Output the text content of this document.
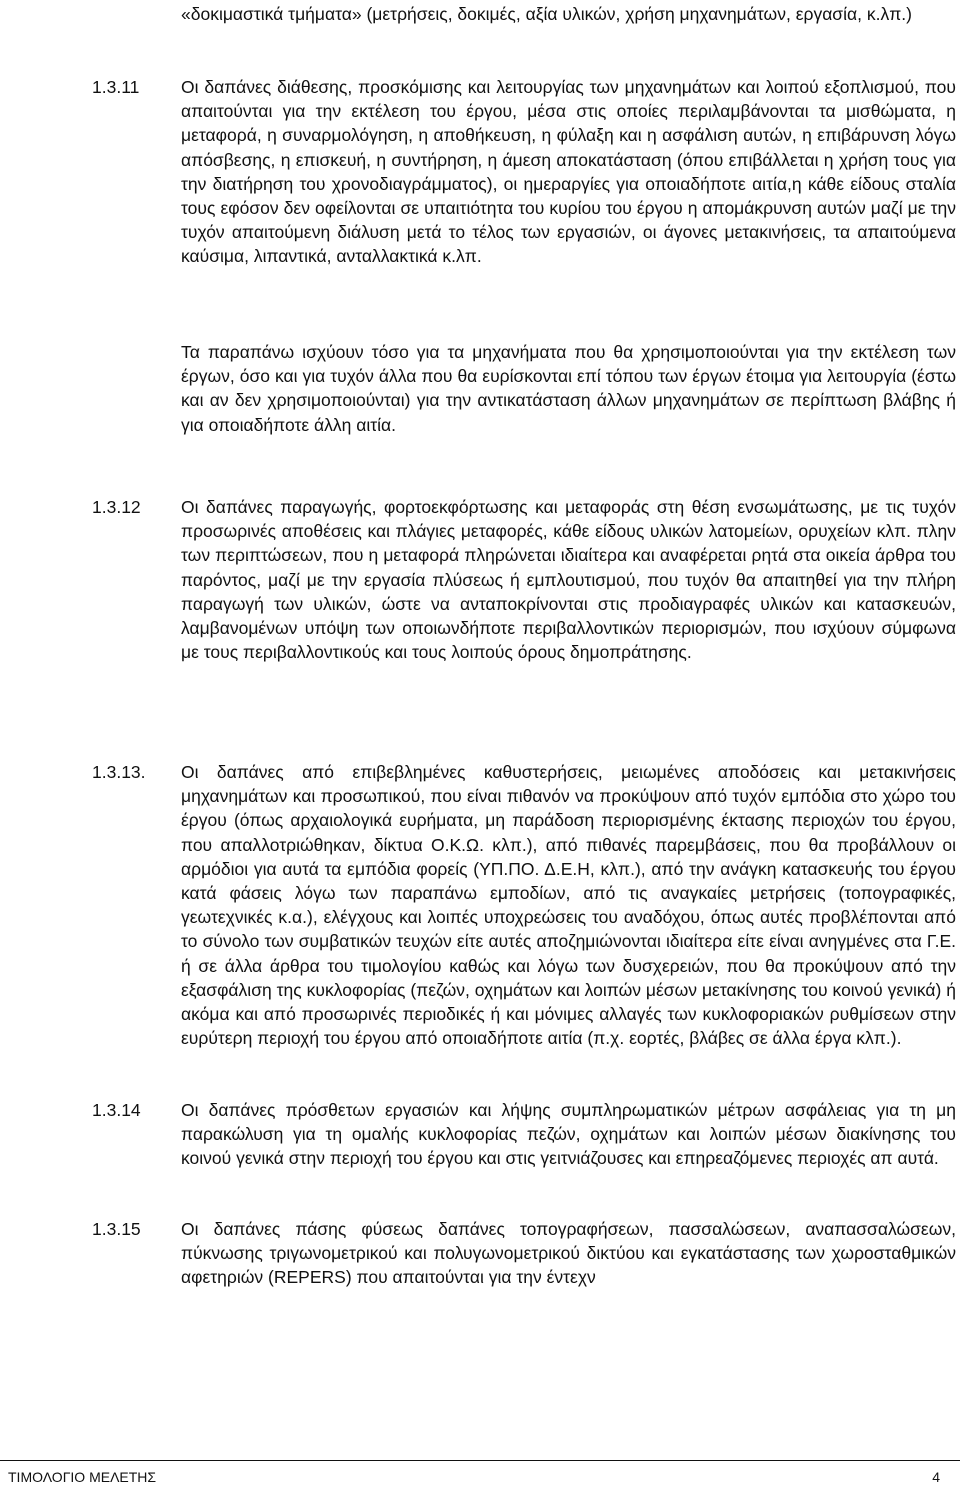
«δοκιμαστικά τμήματα» (μετρήσεις, δοκιμές, αξία υλικών, χρήση μηχανημάτων, εργασία, κ.λπ.)

1.3.11 Οι δαπάνες διάθεσης, προσκόμισης και λειτουργίας των μηχανημάτων και λοιπού εξοπλισμού, που απαιτούνται για την εκτέλεση του έργου, μέσα στις οποίες περιλαμβάνονται τα μισθώματα, η μεταφορά, η συναρμολόγηση, η αποθήκευση, η φύλαξη και η ασφάλιση αυτών, η επιβάρυνση λόγω απόσβεσης, η επισκευή, η συντήρηση, η άμεση αποκατάσταση (όπου επιβάλλεται η χρήση τους για την διατήρηση του χρονοδιαγράμματος), οι ημεραργίες για οποιαδήποτε αιτία,η κάθε είδους σταλία τους εφόσον δεν οφείλονται σε υπαιτιότητα του κυρίου του έργου η απομάκρυνση αυτών μαζί με την τυχόν απαιτούμενη διάλυση μετά το τέλος των εργασιών, οι άγονες μετακινήσεις, τα απαιτούμενα καύσιμα, λιπαντικά, ανταλλακτικά κ.λπ.

Τα παραπάνω ισχύουν τόσο για τα μηχανήματα που θα χρησιμοποιούνται για την εκτέλεση των έργων, όσο και για τυχόν άλλα που θα ευρίσκονται επί τόπου των έργων έτοιμα για λειτουργία (έστω και αν δεν χρησιμοποιούνται) για την αντικατάσταση άλλων μηχανημάτων σε περίπτωση βλάβης ή για οποιαδήποτε άλλη αιτία.

1.3.12 Οι δαπάνες παραγωγής, φορτοεκφόρτωσης και μεταφοράς στη θέση ενσωμάτωσης, με τις τυχόν προσωρινές αποθέσεις και πλάγιες μεταφορές, κάθε είδους υλικών λατομείων, ορυχείων κλπ. πλην των περιπτώσεων, που η μεταφορά πληρώνεται ιδιαίτερα και αναφέρεται ρητά στα οικεία άρθρα του παρόντος, μαζί με την εργασία πλύσεως ή εμπλουτισμού, που τυχόν θα απαιτηθεί για την πλήρη παραγωγή των υλικών, ώστε να ανταποκρίνονται στις προδιαγραφές υλικών και κατασκευών, λαμβανομένων υπόψη των οποιωνδήποτε περιβαλλοντικών περιορισμών, που ισχύουν σύμφωνα με τους περιβαλλοντικούς και τους λοιπούς όρους δημοπράτησης.

1.3.13. Οι δαπάνες από επιβεβλημένες καθυστερήσεις, μειωμένες αποδόσεις και μετακινήσεις μηχανημάτων και προσωπικού, που είναι πιθανόν να προκύψουν από τυχόν εμπόδια στο χώρο του έργου (όπως αρχαιολογικά ευρήματα, μη παράδοση περιορισμένης έκτασης περιοχών του έργου, που απαλλοτριώθηκαν, δίκτυα Ο.Κ.Ω. κλπ.), από πιθανές παρεμβάσεις, που θα προβάλλουν οι αρμόδιοι για αυτά τα εμπόδια φορείς (ΥΠ.ΠΟ. Δ.Ε.Η, κλπ.), από την ανάγκη κατασκευής του έργου κατά φάσεις λόγω των παραπάνω εμποδίων, από τις αναγκαίες μετρήσεις (τοπογραφικές, γεωτεχνικές κ.α.), ελέγχους και λοιπές υποχρεώσεις του αναδόχου, όπως αυτές προβλέπονται από το σύνολο των συμβατικών τευχών είτε αυτές αποζημιώνονται ιδιαίτερα είτε είναι ανηγμένες στα Γ.Ε. ή σε άλλα άρθρα του τιμολογίου καθώς και λόγω των δυσχερειών, που θα προκύψουν από την εξασφάλιση της κυκλοφορίας (πεζών, οχημάτων και λοιπών μέσων μετακίνησης του κοινού γενικά) ή ακόμα και από προσωρινές περιοδικές ή και μόνιμες αλλαγές των κυκλοφοριακών ρυθμίσεων στην ευρύτερη περιοχή του έργου από οποιαδήποτε αιτία (π.χ. εορτές, βλάβες σε άλλα έργα κλπ.).

1.3.14 Οι δαπάνες πρόσθετων εργασιών και λήψης συμπληρωματικών μέτρων ασφάλειας για τη μη παρακώλυση για τη ομαλής κυκλοφορίας πεζών, οχημάτων και λοιπών μέσων διακίνησης του κοινού γενικά στην περιοχή του έργου και στις γειτνιάζουσες και επηρεαζόμενες περιοχές απ αυτά.

1.3.15 Οι δαπάνες πάσης φύσεως δαπάνες τοπογραφήσεων, πασσαλώσεων, αναπασσαλώσεων, πύκνωσης τριγωνομετρικού και πολυγωνομετρικού δικτύου και εγκατάστασης των χωροσταθμικών αφετηριών (REPERS) που απαιτούνται για την έντεχν

ΤΙΜΟΛΟΓΙΟ ΜΕΛΕΤΗΣ	4
